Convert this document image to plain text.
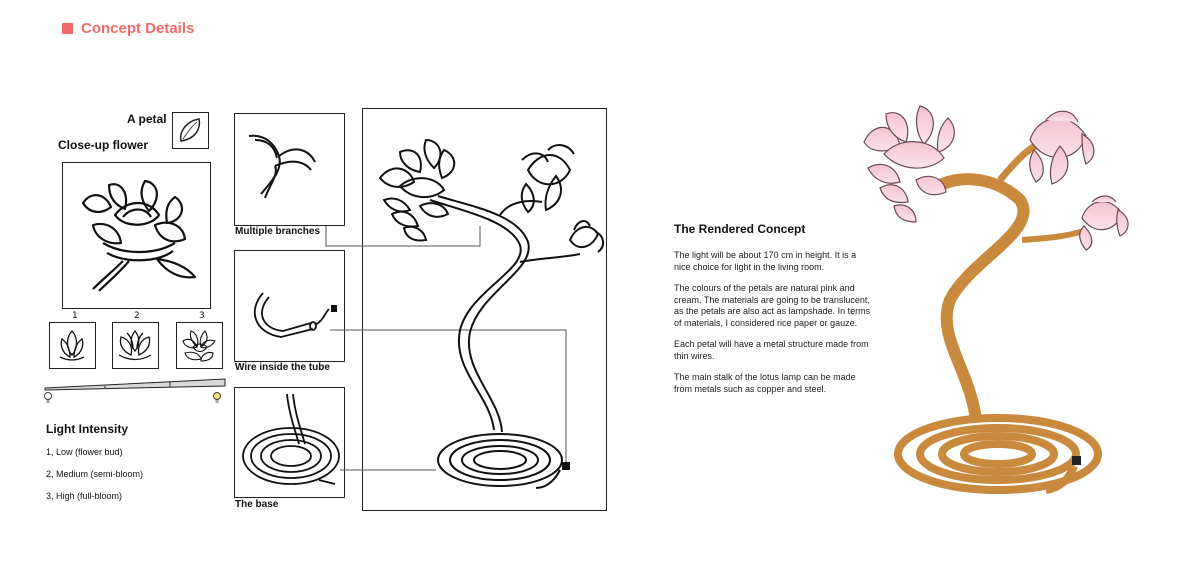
Concept Details
A petal
Close-up flower
1	2	3
Light Intensity
1, Low (flower bud)
2, Medium (semi-bloom)
3, High (full-bloom)
Multiple branches
Wire inside the tube
The base
The Rendered Concept

The light will be about 170 cm in height. It is a nice choice for light in the living room.

The colours of the petals are natural pink and cream. The materials are going to be translucent, as the petals are also act as lampshade. In terms of materials, I considered rice paper or gauze.

Each petal will have a metal structure made from thin wires.

The main stalk of the lotus lamp can be made from metals such as copper and steel.
